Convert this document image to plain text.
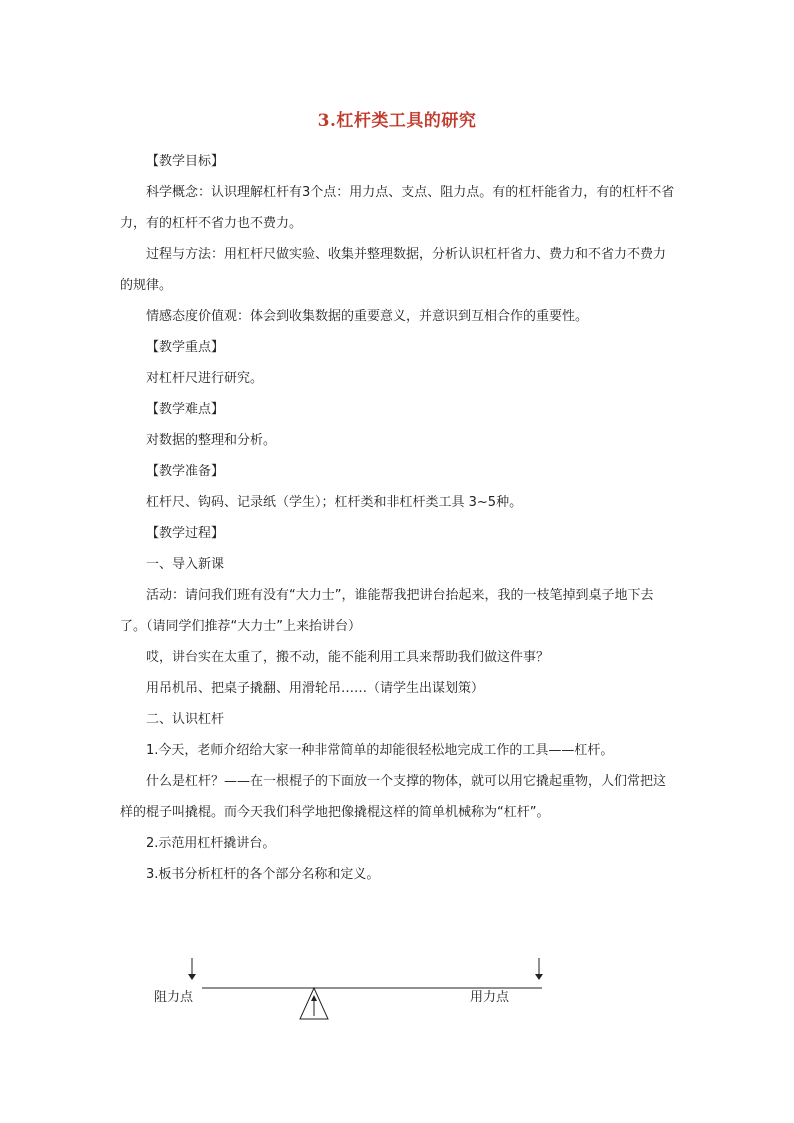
3.杠杆类工具的研究

【教学目标】

科学概念：认识理解杠杆有3个点：用力点、支点、阻力点。有的杠杆能省力，有的杠杆不省力，有的杠杆不省力也不费力。

过程与方法：用杠杆尺做实验、收集并整理数据，分析认识杠杆省力、费力和不省力不费力的规律。

情感态度价值观：体会到收集数据的重要意义，并意识到互相合作的重要性。

【教学重点】

对杠杆尺进行研究。

【教学难点】

对数据的整理和分析。

【教学准备】

杠杆尺、钩码、记录纸（学生）；杠杆类和非杠杆类工具 3~5种。

【教学过程】

一、导入新课

活动：请问我们班有没有“大力士”，谁能帮我把讲台抬起来，我的一枝笔掉到桌子地下去了。（请同学们推荐“大力士”上来抬讲台）

哎，讲台实在太重了，搬不动，能不能利用工具来帮助我们做这件事？

用吊机吊、把桌子撬翻、用滑轮吊……（请学生出谋划策）

二、认识杠杆

1.今天，老师介绍给大家一种非常简单的却能很轻松地完成工作的工具——杠杆。

什么是杠杆？——在一根棍子的下面放一个支撑的物体，就可以用它撬起重物，人们常把这样的棍子叫撬棍。而今天我们科学地把像撬棍这样的简单机械称为“杠杆”。

2.示范用杠杆撬讲台。

3.板书分析杠杆的各个部分名称和定义。

阻力点	用力点
